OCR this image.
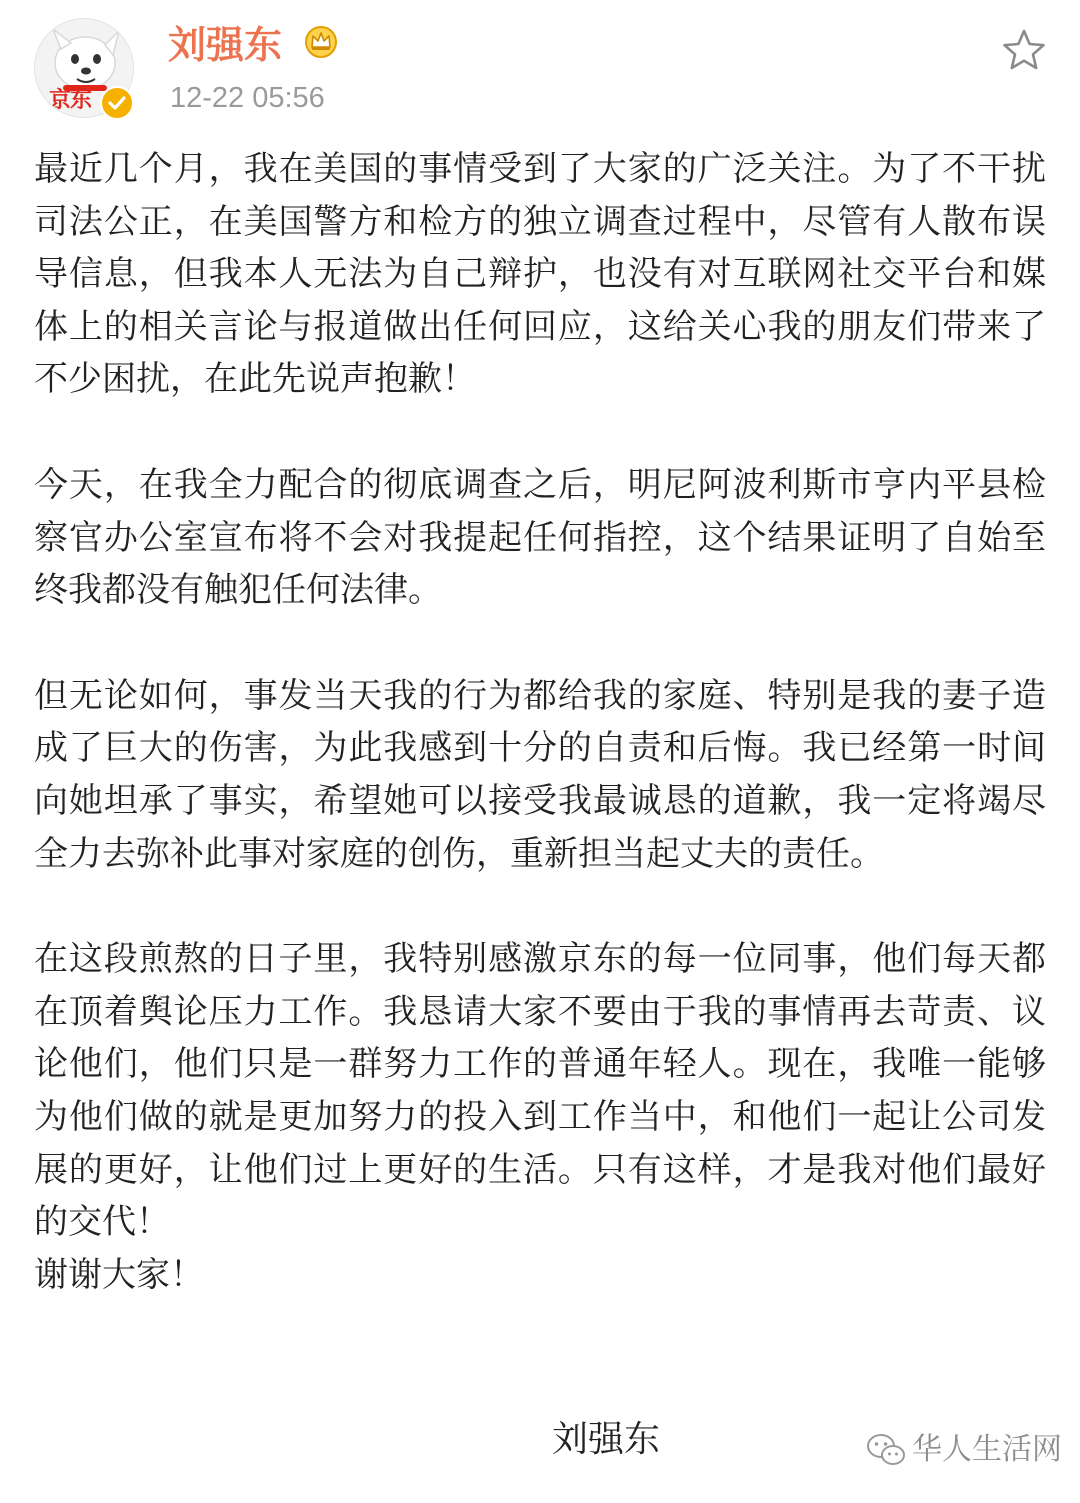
京东
刘强东
12-22 05:56

最近几个月，我在美国的事情受到了大家的广泛关注。为了不干扰司法公正，在美国警方和检方的独立调查过程中，尽管有人散布误导信息，但我本人无法为自己辩护，也没有对互联网社交平台和媒体上的相关言论与报道做出任何回应，这给关心我的朋友们带来了不少困扰，在此先说声抱歉！

今天，在我全力配合的彻底调查之后，明尼阿波利斯市亨内平县检察官办公室宣布将不会对我提起任何指控，这个结果证明了自始至终我都没有触犯任何法律。

但无论如何，事发当天我的行为都给我的家庭、特别是我的妻子造成了巨大的伤害，为此我感到十分的自责和后悔。我已经第一时间向她坦承了事实，希望她可以接受我最诚恳的道歉，我一定将竭尽全力去弥补此事对家庭的创伤，重新担当起丈夫的责任。

在这段煎熬的日子里，我特别感激京东的每一位同事，他们每天都在顶着舆论压力工作。我恳请大家不要由于我的事情再去苛责、议论他们，他们只是一群努力工作的普通年轻人。现在，我唯一能够为他们做的就是更加努力的投入到工作当中，和他们一起让公司发展的更好，让他们过上更好的生活。只有这样，才是我对他们最好的交代！

谢谢大家！

刘强东	华人生活网
